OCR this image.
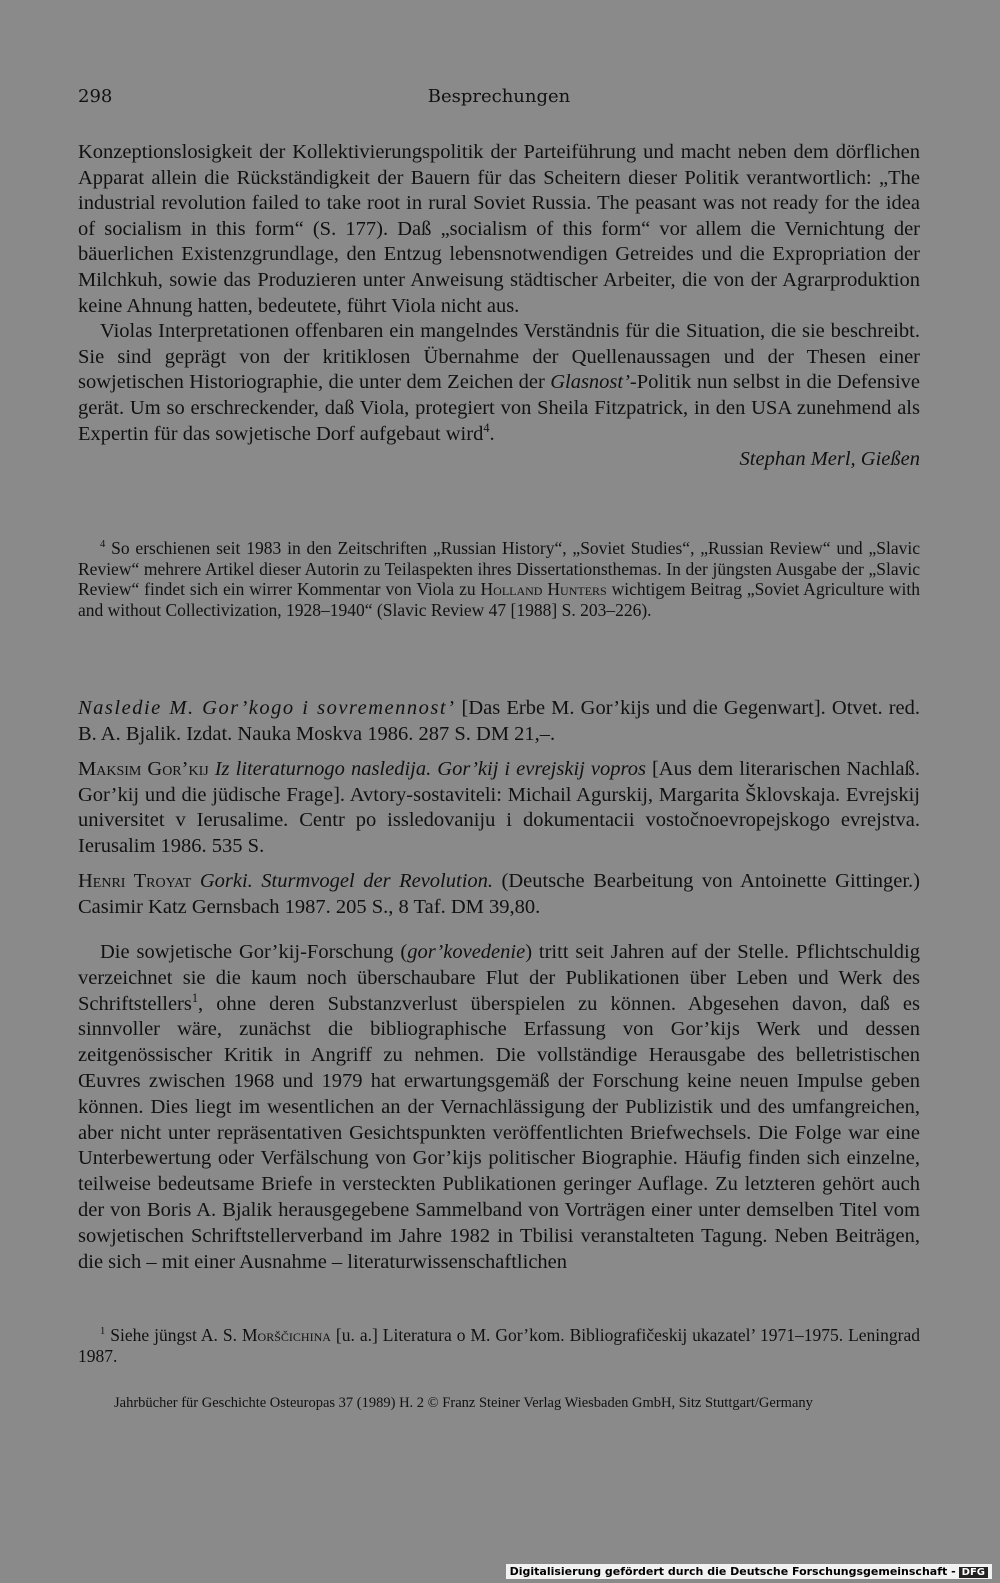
298	Besprechungen

Konzeptionslosigkeit der Kollektivierungspolitik der Parteiführung und macht neben dem dörflichen Apparat allein die Rückständigkeit der Bauern für das Scheitern dieser Politik verantwortlich: „The industrial revolution failed to take root in rural Soviet Russia. The peasant was not ready for the idea of socialism in this form“ (S. 177). Daß „socialism of this form“ vor allem die Vernichtung der bäuerlichen Existenzgrundlage, den Entzug lebensnotwendigen Getreides und die Expropriation der Milchkuh, sowie das Produzieren unter Anweisung städtischer Arbeiter, die von der Agrarproduktion keine Ahnung hatten, bedeutete, führt Viola nicht aus.

Violas Interpretationen offenbaren ein mangelndes Verständnis für die Situation, die sie beschreibt. Sie sind geprägt von der kritiklosen Übernahme der Quellenaussagen und der Thesen einer sowjetischen Historiographie, die unter dem Zeichen der Glasnost’-Politik nun selbst in die Defensive gerät. Um so erschreckender, daß Viola, protegiert von Sheila Fitzpatrick, in den USA zunehmend als Expertin für das sowjetische Dorf aufgebaut wird$^4$.

Stephan Merl, Gießen

$^4$ So erschienen seit 1983 in den Zeitschriften „Russian History“, „Soviet Studies“, „Russian Review“ und „Slavic Review“ mehrere Artikel dieser Autorin zu Teilaspekten ihres Dissertationsthemas. In der jüngsten Ausgabe der „Slavic Review“ findet sich ein wirrer Kommentar von Viola zu Holland Hunters wichtigem Beitrag „Soviet Agriculture with and without Collectivization, 1928–1940“ (Slavic Review 47 [1988] S. 203–226).

Nasledie M. Gor’kogo i sovremennost’ [Das Erbe M. Gor’kijs und die Gegenwart]. Otvet. red. B. A. Bjalik. Izdat. Nauka Moskva 1986. 287 S. DM 21,–.

Maksim Gor’kij Iz literaturnogo nasledija. Gor’kij i evrejskij vopros [Aus dem literarischen Nachlaß. Gor’kij und die jüdische Frage]. Avtory-sostaviteli: Michail Agurskij, Margarita Šklovskaja. Evrejskij universitet v Ierusalime. Centr po issledovaniju i dokumentacii vostočnoevropejskogo evrejstva. Ierusalim 1986. 535 S.

Henri Troyat Gorki. Sturmvogel der Revolution. (Deutsche Bearbeitung von Antoinette Gittinger.) Casimir Katz Gernsbach 1987. 205 S., 8 Taf. DM 39,80.

Die sowjetische Gor’kij-Forschung (gor’kovedenie) tritt seit Jahren auf der Stelle. Pflichtschuldig verzeichnet sie die kaum noch überschaubare Flut der Publikationen über Leben und Werk des Schriftstellers$^1$, ohne deren Substanzverlust überspielen zu können. Abgesehen davon, daß es sinnvoller wäre, zunächst die bibliographische Erfassung von Gor’kijs Werk und dessen zeitgenössischer Kritik in Angriff zu nehmen. Die vollständige Herausgabe des belletristischen Œuvres zwischen 1968 und 1979 hat erwartungsgemäß der Forschung keine neuen Impulse geben können. Dies liegt im wesentlichen an der Vernachlässigung der Publizistik und des umfangreichen, aber nicht unter repräsentativen Gesichtspunkten veröffentlichten Briefwechsels. Die Folge war eine Unterbewertung oder Verfälschung von Gor’kijs politischer Biographie. Häufig finden sich einzelne, teilweise bedeutsame Briefe in versteckten Publikationen geringer Auflage. Zu letzteren gehört auch der von Boris A. Bjalik herausgegebene Sammelband von Vorträgen einer unter demselben Titel vom sowjetischen Schriftstellerverband im Jahre 1982 in Tbilisi veranstalteten Tagung. Neben Beiträgen, die sich – mit einer Ausnahme – literaturwissenschaftlichen

$^1$ Siehe jüngst A. S. Morščichina [u. a.] Literatura o M. Gor’kom. Bibliografičeskij ukazatel’ 1971–1975. Leningrad 1987.

Jahrbücher für Geschichte Osteuropas 37 (1989) H. 2 © Franz Steiner Verlag Wiesbaden GmbH, Sitz Stuttgart/Germany
Digitalisierung gefördert durch die Deutsche Forschungsgemeinschaft - DFG
